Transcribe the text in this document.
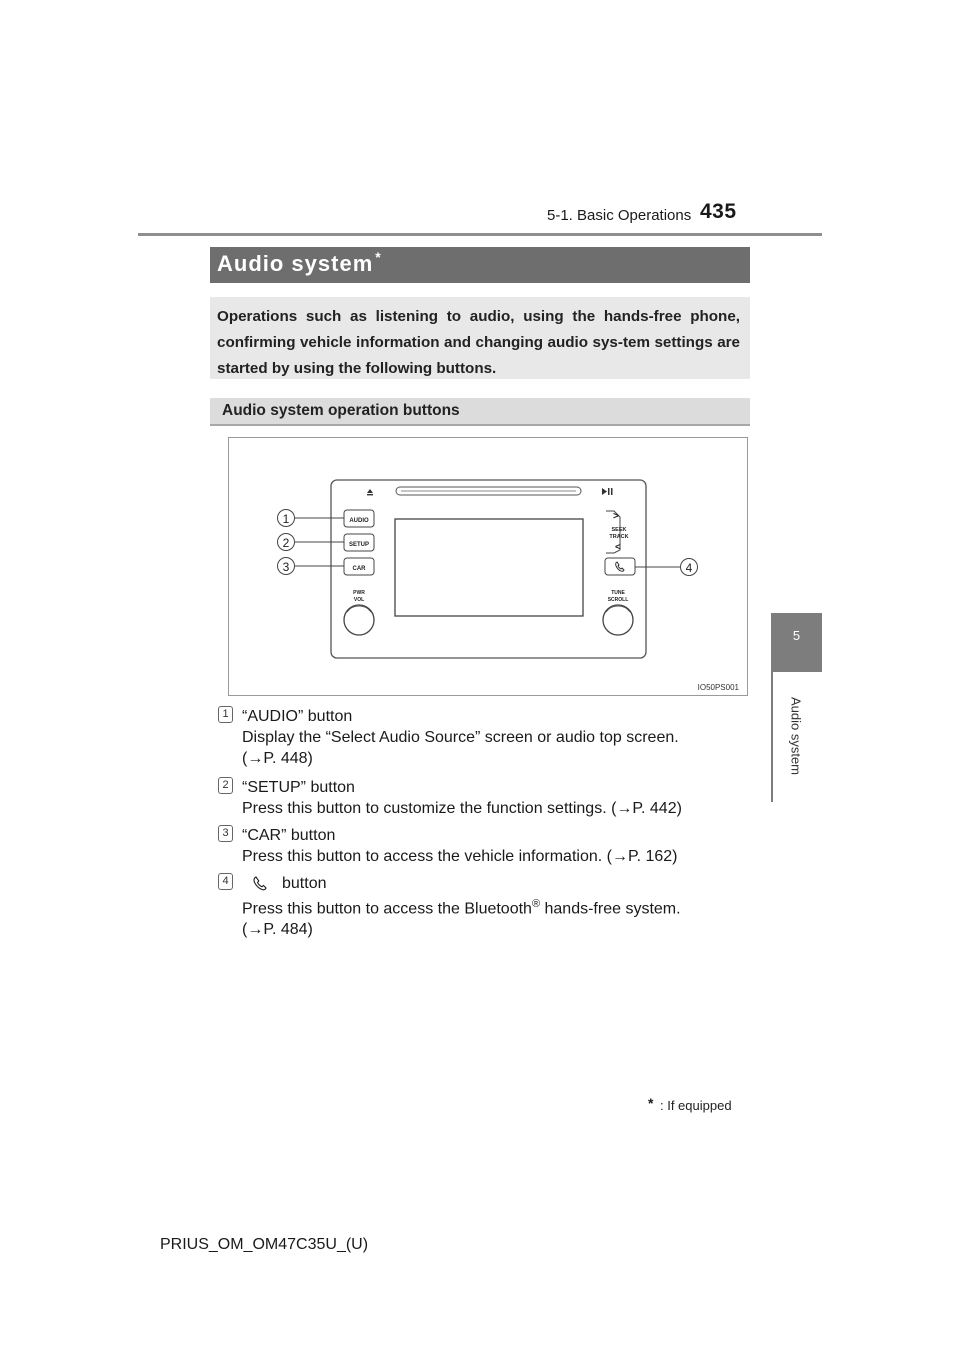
5-1. Basic Operations 435
5
Audio system
Audio system *
Operations such as listening to audio, using the hands-free phone, confirming vehicle information and changing audio sys-tem settings are started by using the following buttons.
Audio system operation buttons
AUDIO
SETUP
CAR
>
SEEK
TRACK
<
PWR
VOL
TUNE
SCROLL
1
2
3	4
IO50PS001
1 “AUDIO” button
Display the “Select Audio Source” screen or audio top screen.
(→P. 448)
2 “SETUP” button
Press this button to customize the function settings. (→P. 442)
3 “CAR” button
Press this button to access the vehicle information. (→P. 162)
4	button
Press this button to access the Bluetooth® hands-free system.
(→P. 484)
* : If equipped
PRIUS_OM_OM47C35U_(U)
